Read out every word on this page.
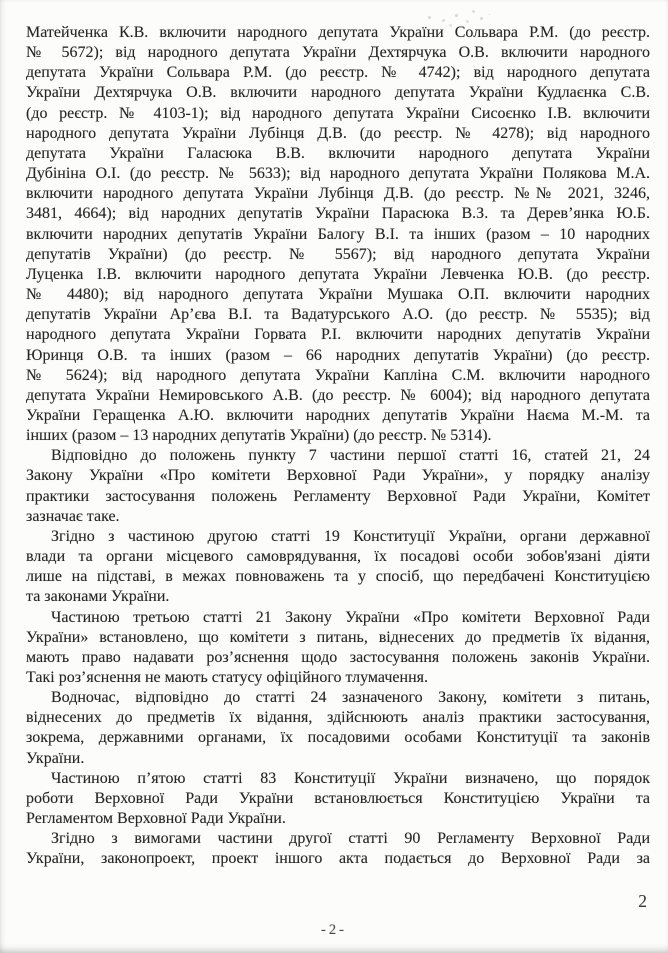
Матейченка К.В. включити народного депутата України Сольвара Р.М. (до реєстр.
№ 5672); від народного депутата України Дехтярчука О.В. включити народного
депутата України Сольвара Р.М. (до реєстр. № 4742); від народного депутата
України Дехтярчука О.В. включити народного депутата України Кудлаєнка С.В.
(до реєстр. № 4103-1); від народного депутата України Сисоєнко І.В. включити
народного депутата України Лубінця Д.В. (до реєстр. № 4278); від народного
депутата України Галасюка В.В. включити народного депутата України
Дубініна О.І. (до реєстр. № 5633); від народного депутата України Полякова М.А.
включити народного депутата України Лубінця Д.В. (до реєстр. №№ 2021, 3246,
3481, 4664); від народних депутатів України Парасюка В.З. та Дерев’янка Ю.Б.
включити народних депутатів України Балогу В.І. та інших (разом – 10 народних
депутатів України) (до реєстр. № 5567); від народного депутата України
Луценка І.В. включити народного депутата України Левченка Ю.В. (до реєстр.
№ 4480); від народного депутата України Мушака О.П. включити народних
депутатів України Ар’єва В.І. та Вадатурського А.О. (до реєстр. № 5535); від
народного депутата України Горвата Р.І. включити народних депутатів України
Юринця О.В. та інших (разом – 66 народних депутатів України) (до реєстр.
№ 5624); від народного депутата України Капліна С.М. включити народного
депутата України Немировського А.В. (до реєстр. № 6004); від народного депутата
України Геращенка А.Ю. включити народних депутатів України Наєма М.-М. та
інших (разом – 13 народних депутатів України) (до реєстр. № 5314).
Відповідно до положень пункту 7 частини першої статті 16, статей 21, 24
Закону України «Про комітети Верховної Ради України», у порядку аналізу
практики застосування положень Регламенту Верховної Ради України, Комітет
зазначає таке.
Згідно з частиною другою статті 19 Конституції України, органи державної
влади та органи місцевого самоврядування, їх посадові особи зобов'язані діяти
лише на підставі, в межах повноважень та у спосіб, що передбачені Конституцією
та законами України.
Частиною третьою статті 21 Закону України «Про комітети Верховної Ради
України» встановлено, що комітети з питань, віднесених до предметів їх відання,
мають право надавати роз’яснення щодо застосування положень законів України.
Такі роз’яснення не мають статусу офіційного тлумачення.
Водночас, відповідно до статті 24 зазначеного Закону, комітети з питань,
віднесених до предметів їх відання, здійснюють аналіз практики застосування,
зокрема, державними органами, їх посадовими особами Конституції та законів
України.
Частиною п’ятою статті 83 Конституції України визначено, що порядок
роботи Верховної Ради України встановлюється Конституцією України та
Регламентом Верховної Ради України.
Згідно з вимогами частини другої статті 90 Регламенту Верховної Ради
України, законопроект, проект іншого акта подається до Верховної Ради за
2
-2-
